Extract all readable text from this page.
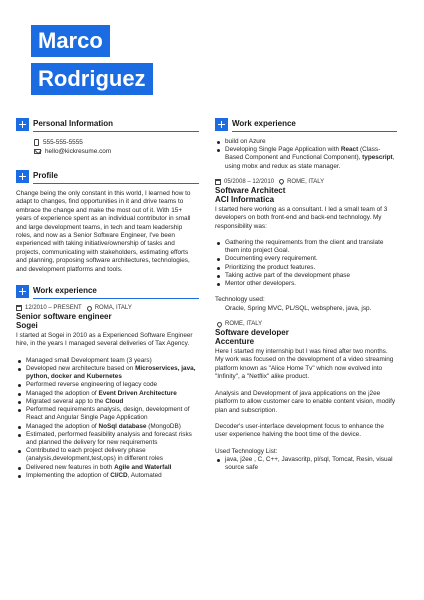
Marco
Rodriguez
Personal Information
555-555-5555
hello@kickresume.com
Profile

Change being the only constant in this world, I learned how to adapt to changes, find opportunities in it and drive teams to embrace the change and make the most out of it. With 15+ years of experience spent as an individual contributor in small and large development teams, in tech and team leadership roles, and now as a Senior Software Engineer, I've been experienced with taking initiative/ownership of tasks and projects, communicating with stakeholders, estimating efforts and planning, proposing software architectures, technologies, and development platforms and tools.

Work experience
12/2010 – PRESENT ROMA, ITALY
Senior software engineer
Sogei

I started at Sogei in 2010 as a Experienced Software Engineer hire, in the years I managed several deliveries of Tax Agency.

Managed small Development team (3 years)
Developed new architecture based on Microservices, java, python, docker and Kubernetes
Performed reverse engineering of legacy code
Managed the adoption of Event Driven Architecture
Migrated several app to the Cloud
Performed requirements analysis, design, development of React and Angular Single Page Application
Managed the adoption of NoSql database (MongoDB)
Estimated, performed feasibility analysis and forecast risks and planned the delivery for new requirements
Contributed to each project delivery phase (analysis,development,test,ops) in different roles
Delivered new features in both Agile and Waterfall
Implementing the adoption of CI/CD, Automated
Work experience
build on Azure
Developing Single Page Application with React (Class-Based Component and Functional Component), typescript, using mobx and redux as state manager.
05/2008 – 12/2010 ROME, ITALY
Software Architect
ACI Informatica

I started here working as a consultant. I led a small team of 3 developers on both front-end and back-end technology. My responsibility was:

Gathering the requirements from the client and translate them into project Goal.
Documenting every requirement.
Prioritizing the product features.
Taking active part of the development phase
Mentor other developers.

Technology used:

Oracle, Spring MVC, PL/SQL, websphere, java, jsp.

ROME, ITALY
Software developer
Accenture

Here I started my internship but I was hired after two months.

My work was focused on the development of a video streaming platform known as "Alice Home Tv" which now evolved into "Infinity", a "Netflix" alike product.

Analysis and Development of java applications on the j2ee platform to allow customer care to enable content vision, modify plan and subscription.

Decoder's user-interface development focus to enhance the user experience halving the boot time of the device.

Used Technology List:

java, j2ee , C, C++, Javascritp, pl/sql, Tomcat, Resin, visual source safe
